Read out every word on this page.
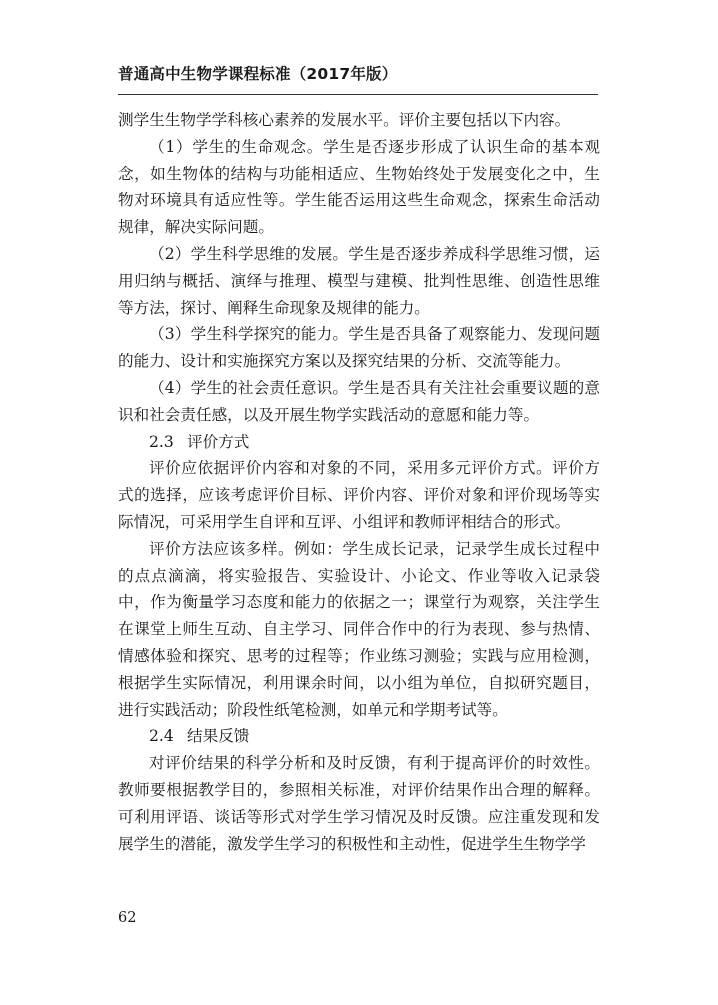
普通高中生物学课程标准（2017年版）

测学生生物学学科核心素养的发展水平。评价主要包括以下内容。

（1）学生的生命观念。学生是否逐步形成了认识生命的基本观念，如生物体的结构与功能相适应、生物始终处于发展变化之中，生物对环境具有适应性等。学生能否运用这些生命观念，探索生命活动规律，解决实际问题。

（2）学生科学思维的发展。学生是否逐步养成科学思维习惯，运用归纳与概括、演绎与推理、模型与建模、批判性思维、创造性思维等方法，探讨、阐释生命现象及规律的能力。

（3）学生科学探究的能力。学生是否具备了观察能力、发现问题的能力、设计和实施探究方案以及探究结果的分析、交流等能力。

（4）学生的社会责任意识。学生是否具有关注社会重要议题的意识和社会责任感，以及开展生物学实践活动的意愿和能力等。

2.3 评价方式

评价应依据评价内容和对象的不同，采用多元评价方式。评价方式的选择，应该考虑评价目标、评价内容、评价对象和评价现场等实际情况，可采用学生自评和互评、小组评和教师评相结合的形式。

评价方法应该多样。例如：学生成长记录，记录学生成长过程中的点点滴滴，将实验报告、实验设计、小论文、作业等收入记录袋中，作为衡量学习态度和能力的依据之一；课堂行为观察，关注学生在课堂上师生互动、自主学习、同伴合作中的行为表现、参与热情、情感体验和探究、思考的过程等；作业练习测验；实践与应用检测，根据学生实际情况，利用课余时间，以小组为单位，自拟研究题目，进行实践活动；阶段性纸笔检测，如单元和学期考试等。

2.4 结果反馈

对评价结果的科学分析和及时反馈，有利于提高评价的时效性。教师要根据教学目的，参照相关标准，对评价结果作出合理的解释。可利用评语、谈话等形式对学生学习情况及时反馈。应注重发现和发展学生的潜能，激发学生学习的积极性和主动性，促进学生生物学学

62
